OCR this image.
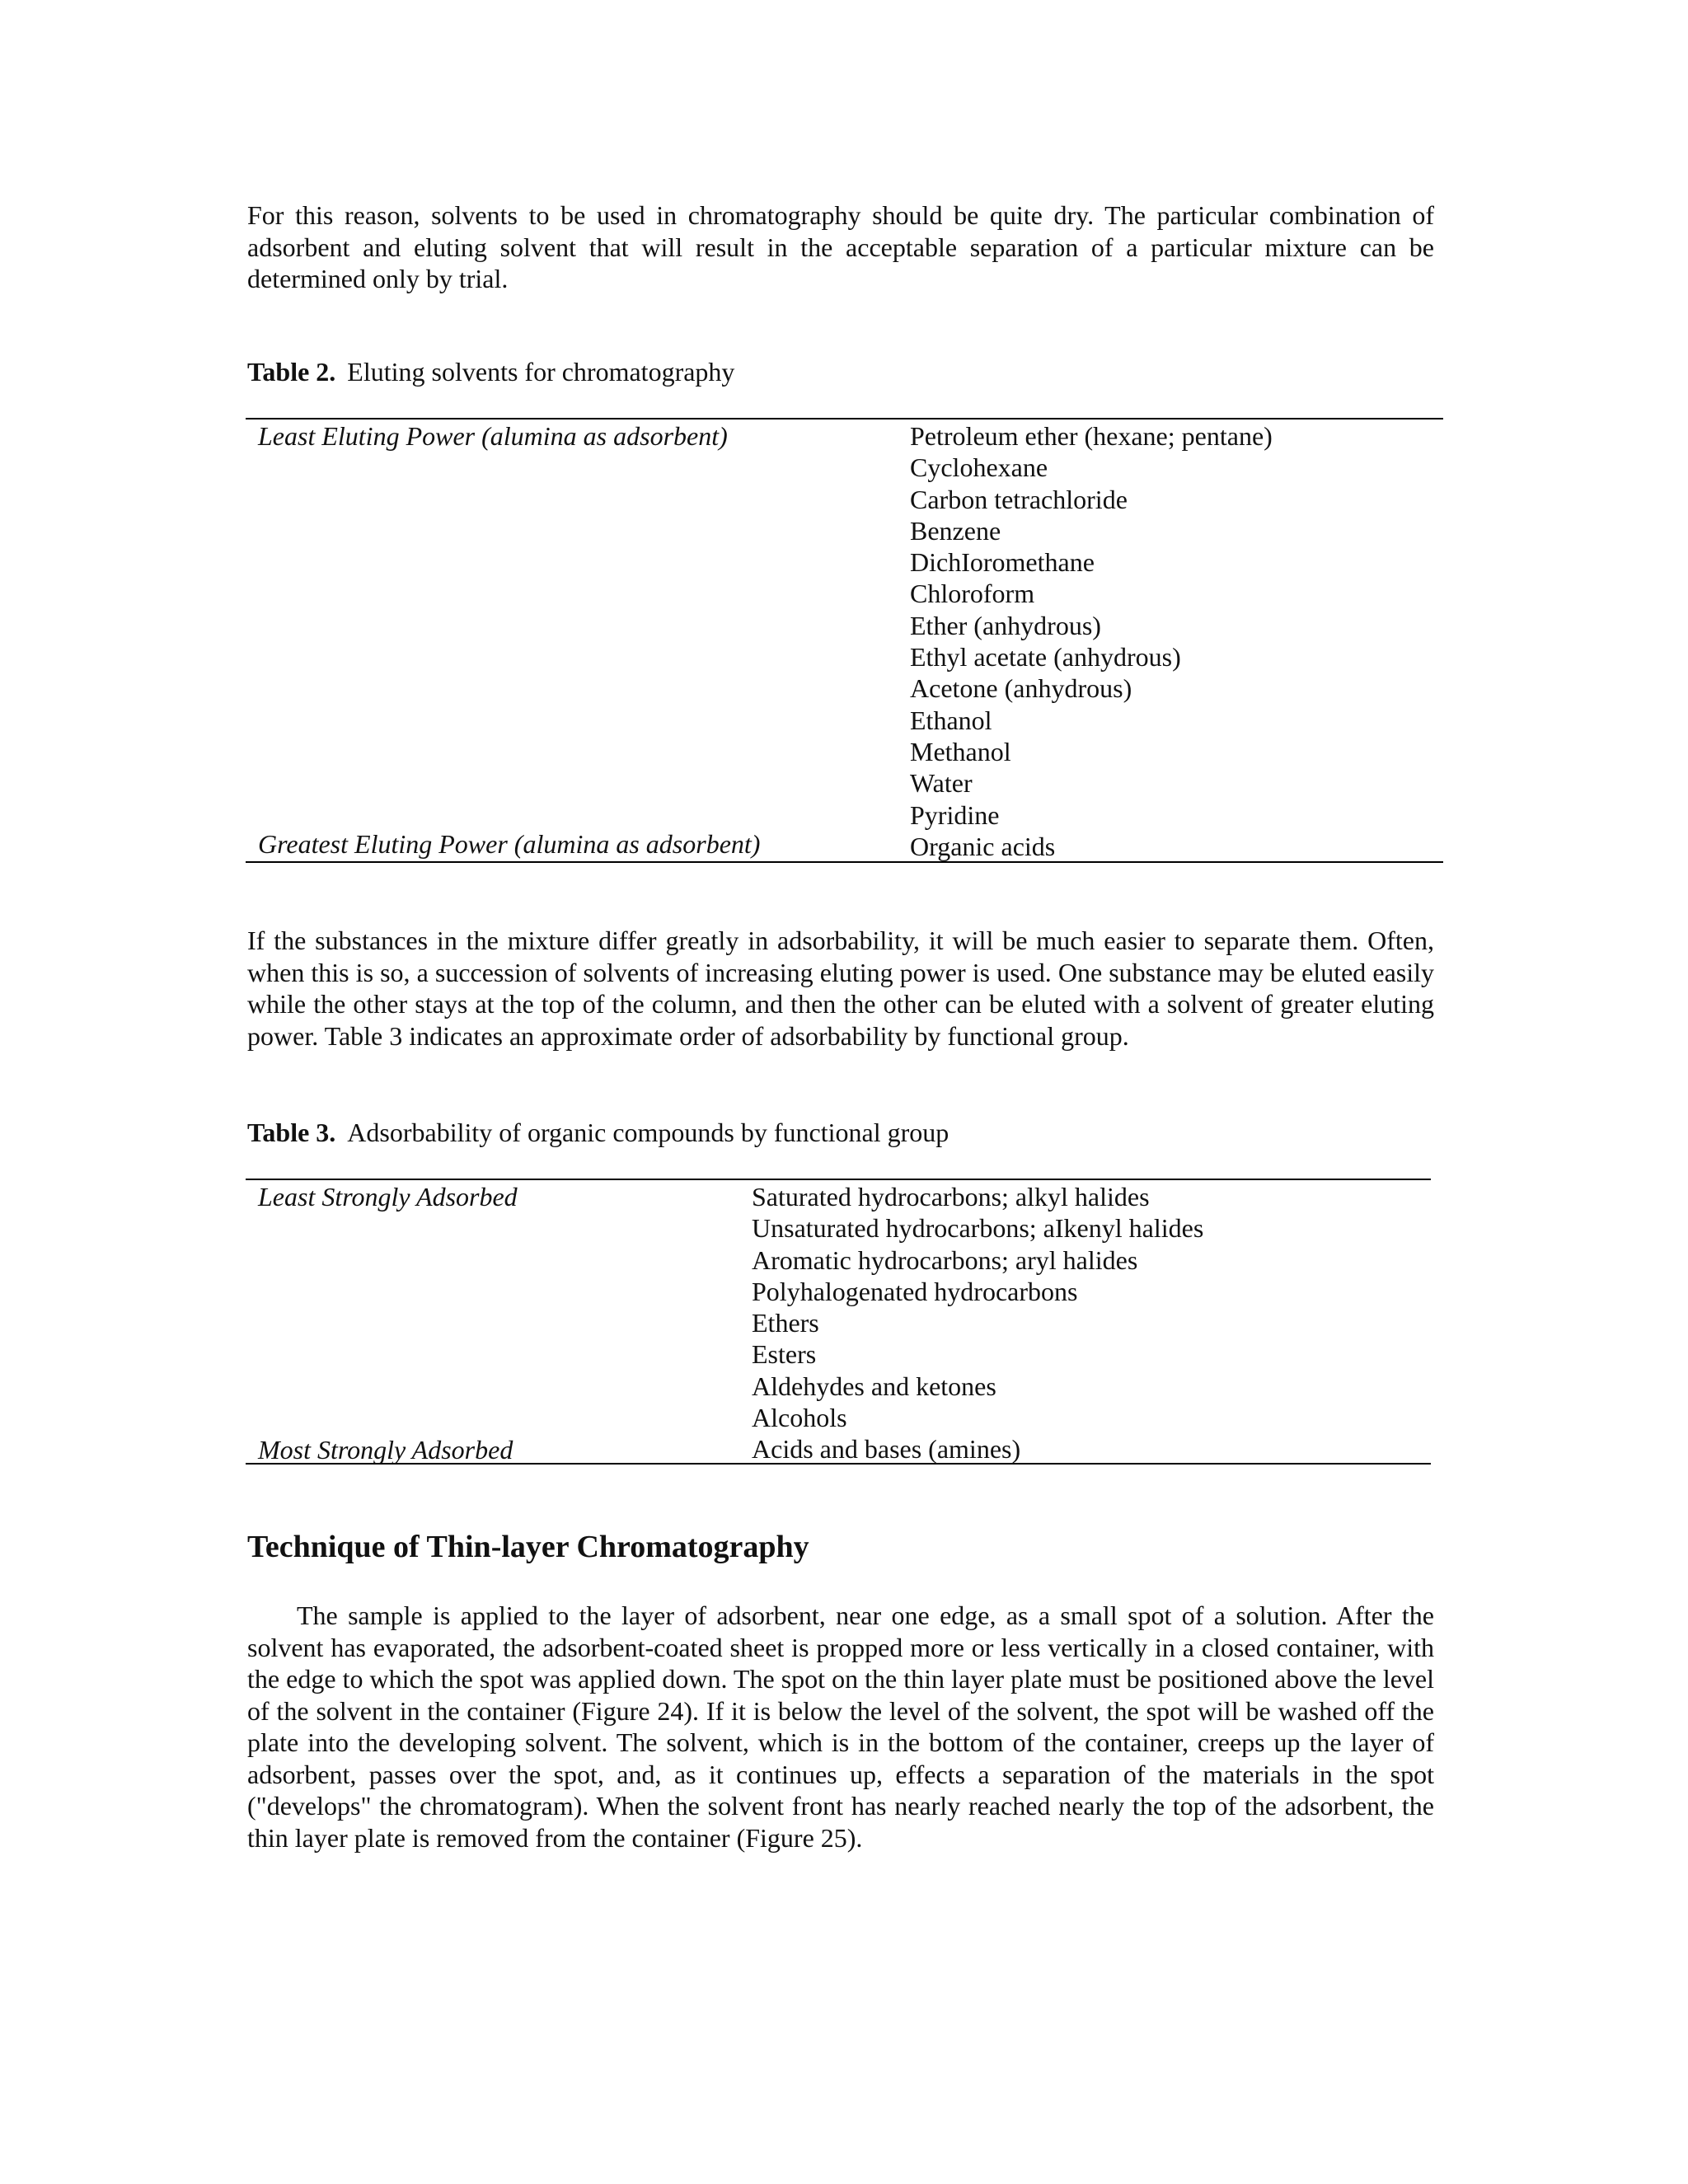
For this reason, solvents to be used in chromatography should be quite dry. The particular combination of adsorbent and eluting solvent that will result in the acceptable separation of a particular mixture can be determined only by trial.

Table 2. Eluting solvents for chromatography

Least Eluting Power (alumina as adsorbent)

Greatest Eluting Power (alumina as adsorbent)

Petroleum ether (hexane; pentane)
Cyclohexane
Carbon tetrachloride
Benzene
DichIoromethane
Chloroform
Ether (anhydrous)
Ethyl acetate (anhydrous)
Acetone (anhydrous)
Ethanol
Methanol
Water
Pyridine
Organic acids

If the substances in the mixture differ greatly in adsorbability, it will be much easier to separate them. Often, when this is so, a succession of solvents of increasing eluting power is used. One substance may be eluted easily while the other stays at the top of the column, and then the other can be eluted with a solvent of greater eluting power. Table 3 indicates an approximate order of adsorbability by functional group.

Table 3. Adsorbability of organic compounds by functional group

Least Strongly Adsorbed

Most Strongly Adsorbed

Saturated hydrocarbons; alkyl halides
Unsaturated hydrocarbons; aIkenyl halides
Aromatic hydrocarbons; aryl halides
Polyhalogenated hydrocarbons
Ethers
Esters
Aldehydes and ketones
Alcohols
Acids and bases (amines)
Technique of Thin-layer Chromatography

The sample is applied to the layer of adsorbent, near one edge, as a small spot of a solution. After the solvent has evaporated, the adsorbent-coated sheet is propped more or less vertically in a closed container, with the edge to which the spot was applied down. The spot on the thin layer plate must be positioned above the level of the solvent in the container (Figure 24). If it is below the level of the solvent, the spot will be washed off the plate into the developing solvent. The solvent, which is in the bottom of the container, creeps up the layer of adsorbent, passes over the spot, and, as it continues up, effects a separation of the materials in the spot ("develops" the chromatogram). When the solvent front has nearly reached nearly the top of the adsorbent, the thin layer plate is removed from the container (Figure 25).
